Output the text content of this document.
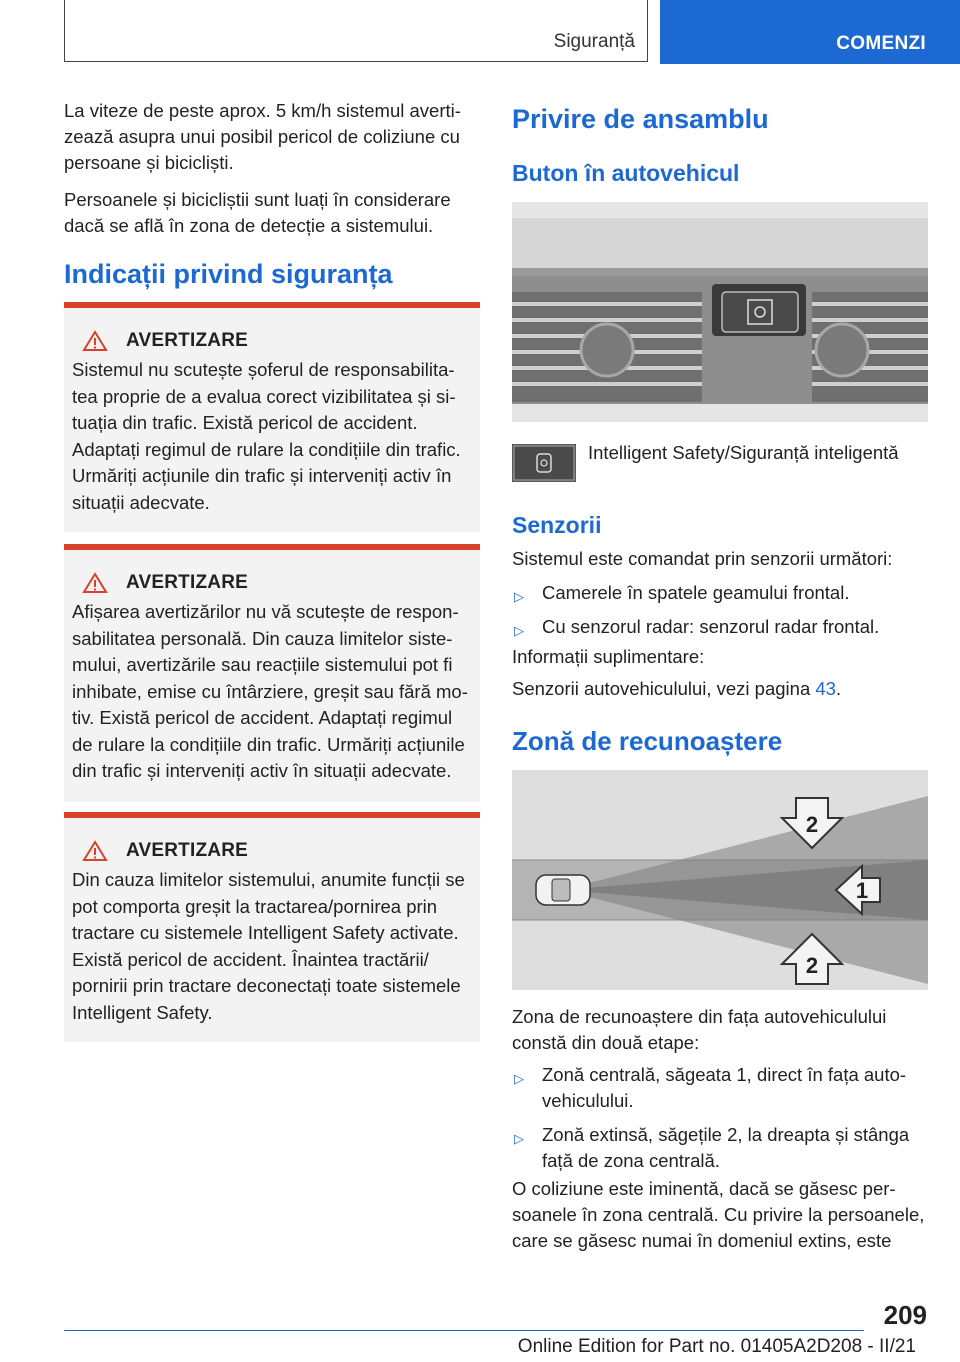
Siguranță	COMENZI

La viteze de peste aprox. 5 km/h sistemul avertizează asupra unui posibil pericol de coliziune cu persoane și bicicliști.

Persoanele și bicicliștii sunt luați în considerare dacă se află în zona de detecție a sistemului.

Indicații privind siguranța
AVERTIZARE

Sistemul nu scutește șoferul de responsabilitatea proprie de a evalua corect vizibilitatea și situația din trafic. Există pericol de accident. Adaptați regimul de rulare la condițiile din trafic. Urmăriți acțiunile din trafic și interveniți activ în situații adecvate.

AVERTIZARE

Afișarea avertizărilor nu vă scutește de responsabilitatea personală. Din cauza limitelor sistemului, avertizările sau reacțiile sistemului pot fi inhibate, emise cu întârziere, greșit sau fără motiv. Există pericol de accident. Adaptați regimul de rulare la condițiile din trafic. Urmăriți acțiunile din trafic și interveniți activ în situații adecvate.

AVERTIZARE

Din cauza limitelor sistemului, anumite funcții se pot comporta greșit la tractarea/pornirea prin tractare cu sistemele Intelligent Safety activate. Există pericol de accident. Înaintea tractării/ pornirii prin tractare deconectați toate sistemele Intelligent Safety.

Privire de ansamblu
Buton în autovehicul

Intelligent Safety/Siguranță inteligentă

Senzorii

Sistemul este comandat prin senzorii următori:

▷ Camerele în spatele geamului frontal.
▷ Cu senzorul radar: senzorul radar frontal.

Informații suplimentare:

Senzorii autovehiculului, vezi pagina 43.

Zonă de recunoaștere
2
1
2

Zona de recunoaștere din fața autovehiculului constă din două etape:

▷ Zonă centrală, săgeata 1, direct în fața autovehiculului.
▷ Zonă extinsă, săgețile 2, la dreapta și stânga față de zona centrală.

O coliziune este iminentă, dacă se găsesc persoanele în zona centrală. Cu privire la persoanele, care se găsesc numai în domeniul extins, este

209
Online Edition for Part no. 01405A2D208 - II/21
